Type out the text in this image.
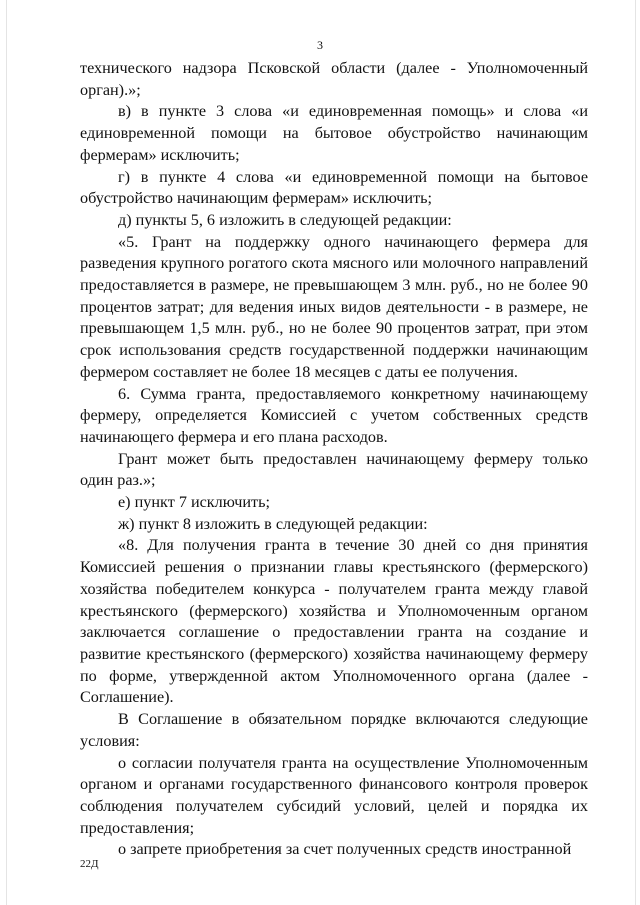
3

технического надзора Псковской области (далее - Уполномоченный орган).»;

в) в пункте 3 слова «и единовременная помощь» и слова «и единовременной помощи на бытовое обустройство начинающим фермерам» исключить;

г) в пункте 4 слова «и единовременной помощи на бытовое обустройство начинающим фермерам» исключить;

д) пункты 5, 6 изложить в следующей редакции:

«5. Грант на поддержку одного начинающего фермера для разведения крупного рогатого скота мясного или молочного направлений предоставляется в размере, не превышающем 3 млн. руб., но не более 90 процентов затрат; для ведения иных видов деятельности - в размере, не превышающем 1,5 млн. руб., но не более 90 процентов затрат, при этом срок использования средств государственной поддержки начинающим фермером составляет не более 18 месяцев с даты ее получения.

6. Сумма гранта, предоставляемого конкретному начинающему фермеру, определяется Комиссией с учетом собственных средств начинающего фермера и его плана расходов.

Грант может быть предоставлен начинающему фермеру только один раз.»;

е) пункт 7 исключить;

ж) пункт 8 изложить в следующей редакции:

«8. Для получения гранта в течение 30 дней со дня принятия Комиссией решения о признании главы крестьянского (фермерского) хозяйства победителем конкурса - получателем гранта между главой крестьянского (фермерского) хозяйства и Уполномоченным органом заключается соглашение о предоставлении гранта на создание и развитие крестьянского (фермерского) хозяйства начинающему фермеру по форме, утвержденной актом Уполномоченного органа (далее - Соглашение).

В Соглашение в обязательном порядке включаются следующие условия:

о согласии получателя гранта на осуществление Уполномоченным органом и органами государственного финансового контроля проверок соблюдения получателем субсидий условий, целей и порядка их предоставления;

о запрете приобретения за счет полученных средств иностранной

22Д
